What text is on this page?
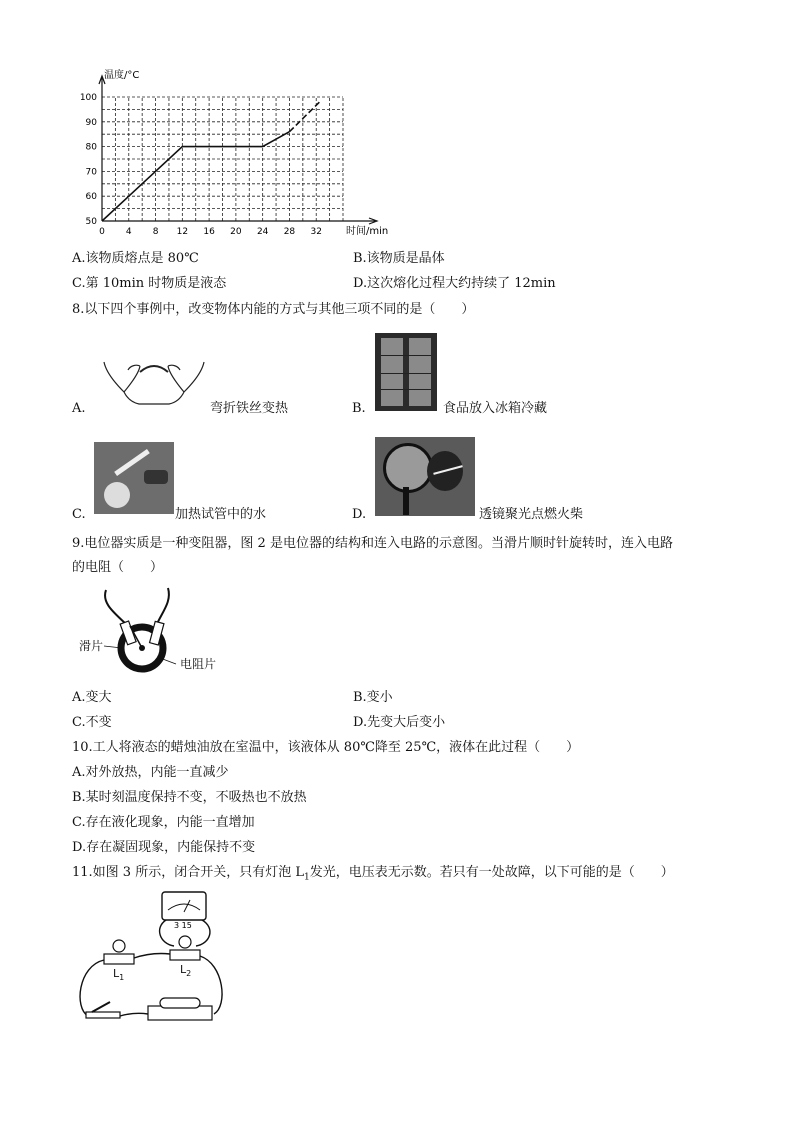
0 4 8 12 16 20 24 28 32
50
60
70
80
90
100
温度/°C
时间/min
A.该物质熔点是 80℃	B.该物质是晶体
C.第 10min 时物质是液态	D.这次熔化过程大约持续了 12min
8.以下四个事例中，改变物体内能的方式与其他三项不同的是（　　）
A.	弯折铁丝变热	B.	食品放入冰箱冷藏
C.	加热试管中的水	D.	透镜聚光点燃火柴
9.电位器实质是一种变阻器，图 2 是电位器的结构和连入电路的示意图。当滑片顺时针旋转时，连入电路
的电阻（　　）
滑片
电阻片
A.变大	B.变小
C.不变	D.先变大后变小
10.工人将液态的蜡烛油放在室温中，该液体从 80℃降至 25℃，液体在此过程（　　）
A.对外放热，内能一直减少
B.某时刻温度保持不变，不吸热也不放热
C.存在液化现象，内能一直增加
D.存在凝固现象，内能保持不变
11.如图 3 所示，闭合开关，只有灯泡 $L_1$发光，电压表无示数。若只有一处故障，以下可能的是（　　）
3 15
$L_1$
$L_2$
